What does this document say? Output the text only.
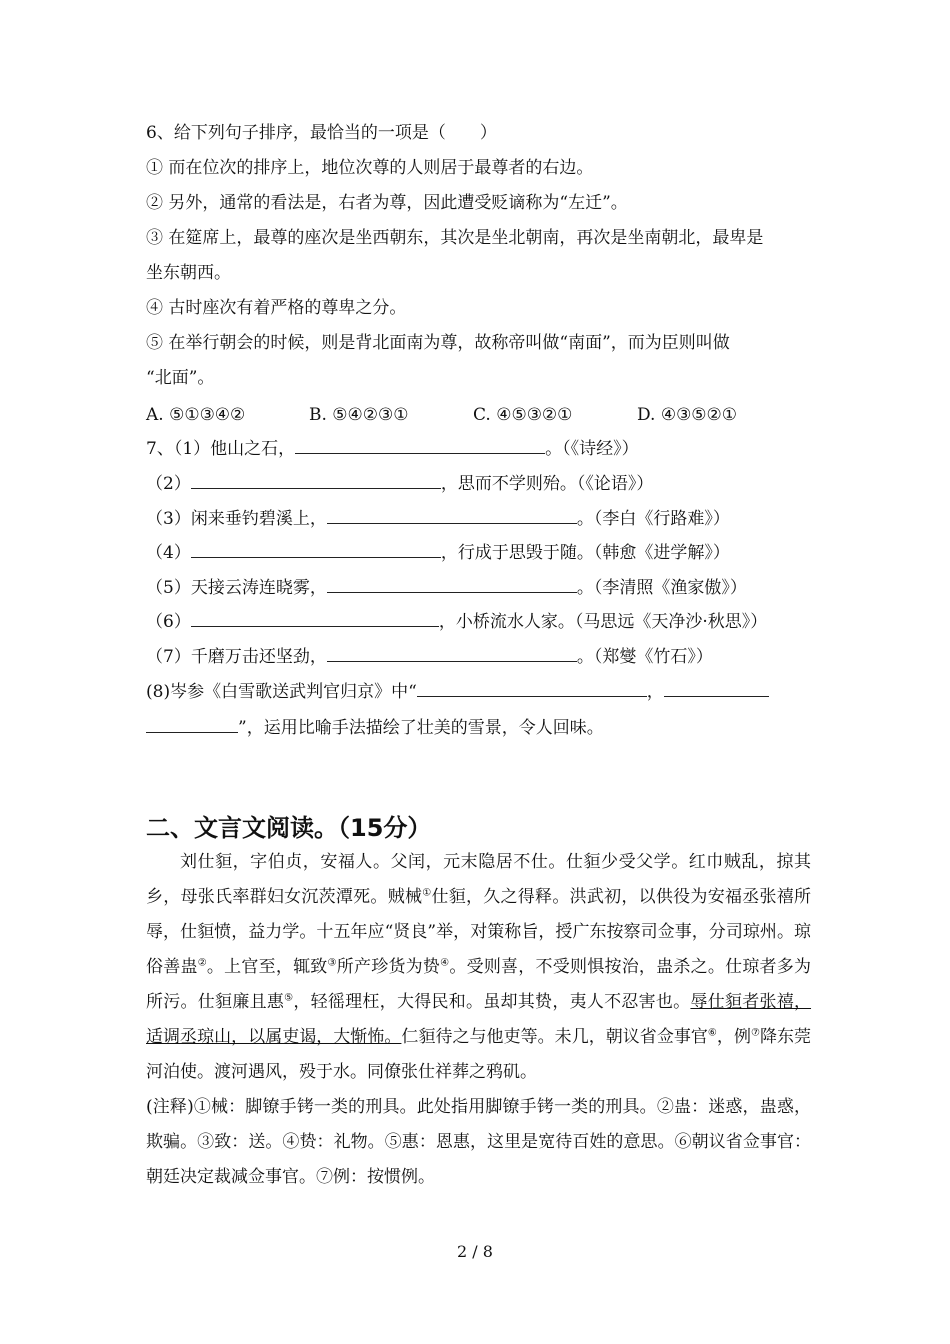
6、给下列句子排序，最恰当的一项是（　　）
① 而在位次的排序上，地位次尊的人则居于最尊者的右边。
② 另外，通常的看法是，右者为尊，因此遭受贬谪称为“左迁”。
③ 在筵席上，最尊的座次是坐西朝东，其次是坐北朝南，再次是坐南朝北，最卑是
坐东朝西。
④ 古时座次有着严格的尊卑之分。
⑤ 在举行朝会的时候，则是背北面南为尊，故称帝叫做“南面”，而为臣则叫做
“北面”。
A. ⑤①③④②	B. ⑤④②③①	C. ④⑤③②①	D. ④③⑤②①
7、（1）他山之石，	。（《诗经》）
（2）	，思而不学则殆。（《论语》）
（3）闲来垂钓碧溪上，	。（李白《行路难》）
（4）	，行成于思毁于随。（韩愈《进学解》）
（5）天接云涛连晓雾，	。（李清照《渔家傲》）
（6）	，小桥流水人家。（马思远《天净沙·秋思》）
（7）千磨万击还坚劲，	。（郑燮《竹石》）
(8)岑参《白雪歌送武判官归京》中“	，
”，运用比喻手法描绘了壮美的雪景，令人回味。
二、文言文阅读。（15分）

刘仕貆，字伯贞，安福人。父闰，元末隐居不仕。仕貆少受父学。红巾贼乱，掠其乡，母张氏率群妇女沉茨潭死。贼械①仕貆，久之得释。洪武初，以供役为安福丞张禧所辱，仕貆愤，益力学。十五年应“贤良”举，对策称旨，授广东按察司佥事，分司琼州。琼俗善蛊②。上官至，辄致③所产珍货为贽④。受则喜，不受则惧按治，蛊杀之。仕琼者多为所污。仕貆廉且惠⑤，轻徭理枉，大得民和。虽却其贽，夷人不忍害也。辱仕貆者张禧，适调丞琼山，以属吏谒，大惭怖。仁貆待之与他吏等。未几，朝议省佥事官⑥，例⑦降东莞河泊使。渡河遇风，殁于水。同僚张仕祥葬之鸦矶。

(注释)①械：脚镣手铐一类的刑具。此处指用脚镣手铐一类的刑具。②蛊：迷惑，蛊惑，欺骗。③致：送。④贽：礼物。⑤惠：恩惠，这里是宽待百姓的意思。⑥朝议省佥事官：朝廷决定裁减佥事官。⑦例：按惯例。

2 / 8
